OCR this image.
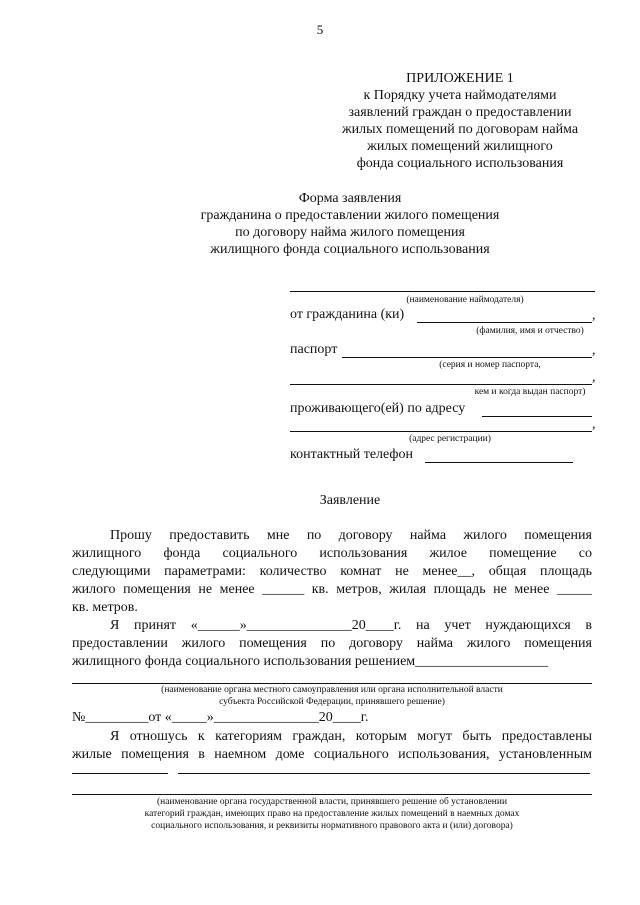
5
ПРИЛОЖЕНИЕ 1
к Порядку учета наймодателями
заявлений граждан о предоставлении
жилых помещений по договорам найма
жилых помещений жилищного
фонда социального использования
Форма заявления
гражданина о предоставлении жилого помещения
по договору найма жилого помещения
жилищного фонда социального использования
(наименование наймодателя)
от гражданина (ки)	,
(фамилия, имя и отчество)
паспорт	,
(серия и номер паспорта,
,
кем и когда выдан паспорт)
проживающего(ей) по адресу
,
(адрес регистрации)
контактный телефон
Заявление
Прошу предоставить мне по договору найма жилого помещения
жилищного фонда социального использования жилое помещение со
следующими параметрами: количество комнат не менее__, общая площадь
жилого помещения не менее ______ кв. метров, жилая площадь не менее _____
кв. метров.
Я принят «______»_______________20____г. на учет нуждающихся в
предоставлении жилого помещения по договору найма жилого помещения
жилищного фонда социального использования решением___________________
(наименование органа местного самоуправления или органа исполнительной власти
субъекта Российской Федерации, принявшего решение)
№_________от «_____»_______________20____г.
Я отношусь к категориям граждан, которым могут быть предоставлены
жилые помещения в наемном доме социального использования, установленным
(наименование органа государственной власти, принявшего решение об установлении
категорий граждан, имеющих право на предоставление жилых помещений в наемных домах
социального использования, и реквизиты нормативного правового акта и (или) договора)
